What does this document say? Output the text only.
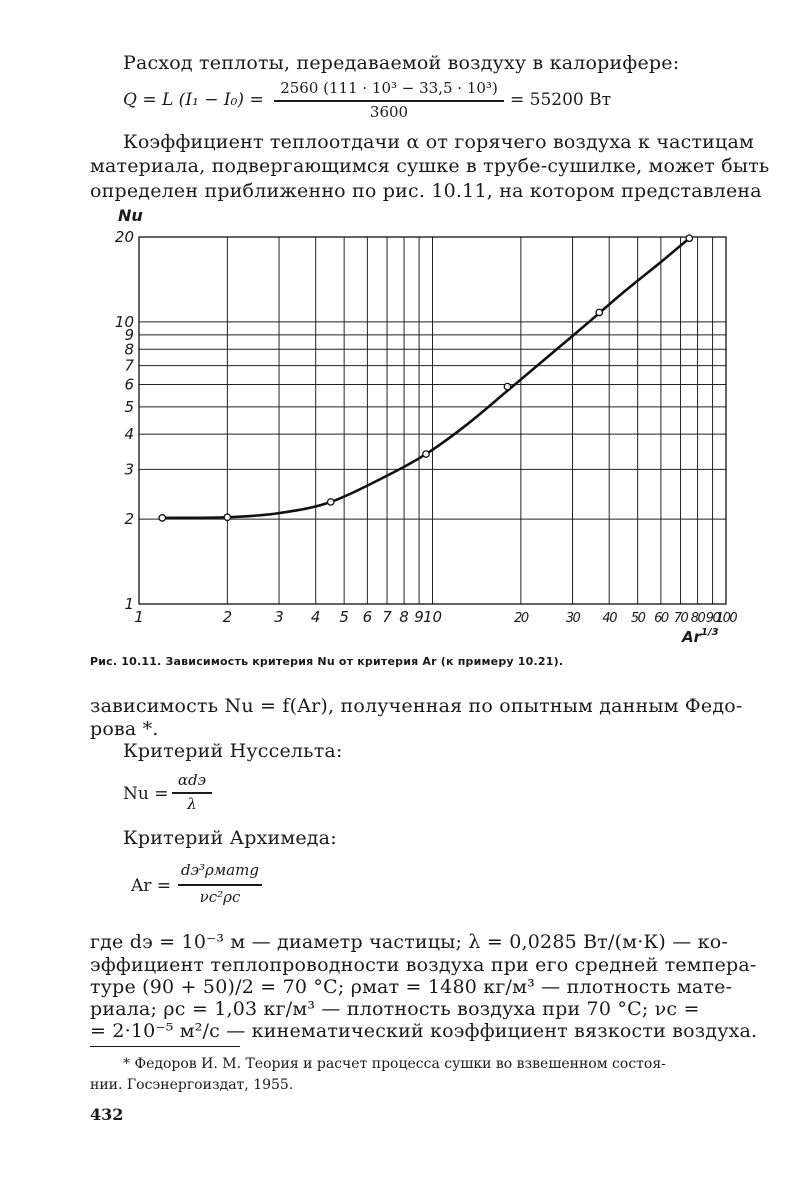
Расход теплоты, передаваемой воздуху в калорифере:
Q = L (I₁ − I₀) =
2560 (111 · 10³ − 33,5 · 10³)
3600
= 55200 Вт
Коэффициент теплоотдачи α от горячего воздуха к частицам
материала, подвергающимся сушке в трубе-сушилке, может быть
определен приближенно по рис. 10.11, на котором представлена
1	2	3 4 5 6 7 8 9 10	20	30 40 50 60 70 80 90
100
1
2
3
4
5
6
7
8
9
10
20
Nu
$Ar^{1/3}$
Рис. 10.11. Зависимость критерия Nu от критерия Ar (к примеру 10.21).
зависимость Nu = f(Ar), полученная по опытным данным Федо-
рова *.
Критерий Нуссельта:
Nu =
αdэ
λ
Критерий Архимеда:
Ar =
dэ³ρматg
νс²ρс
где dэ = 10⁻³ м — диаметр частицы; λ = 0,0285 Вт/(м·К) — ко-
эффициент теплопроводности воздуха при его средней темпера-
туре (90 + 50)/2 = 70 °С; ρмат = 1480 кг/м³ — плотность мате-
риала; ρс = 1,03 кг/м³ — плотность воздуха при 70 °С; νс =
= 2·10⁻⁵ м²/с — кинематический коэффициент вязкости воздуха.
* Федоров И. М. Теория и расчет процесса сушки во взвешенном состоя-
нии. Госэнергоиздат, 1955.
432
